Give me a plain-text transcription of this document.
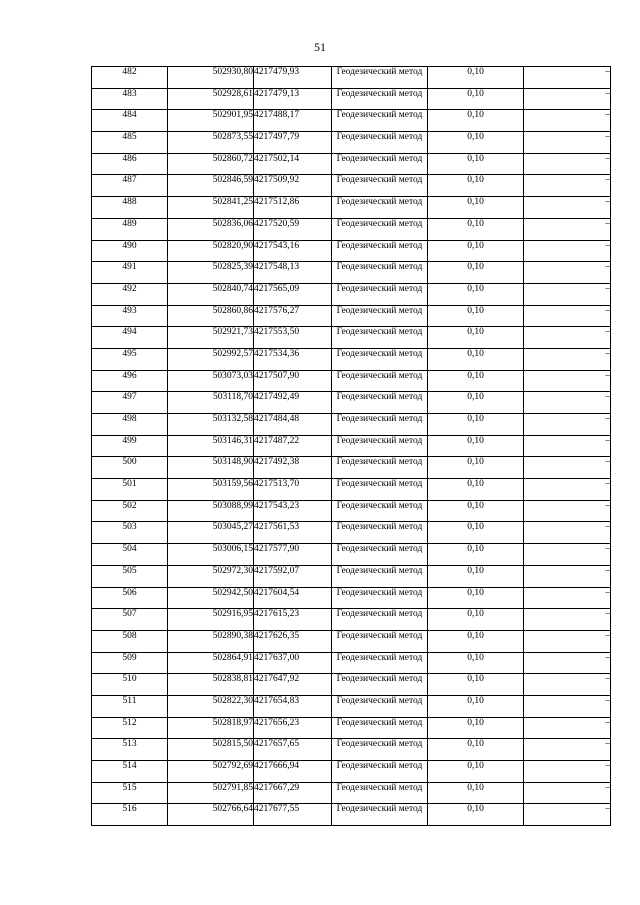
51
482	502930,80	4217479,93	Геодезический метод	0,10	–
483	502928,61	4217479,13	Геодезический метод	0,10	–
484	502901,95	4217488,17	Геодезический метод	0,10	–
485	502873,55	4217497,79	Геодезический метод	0,10	–
486	502860,72	4217502,14	Геодезический метод	0,10	–
487	502846,59	4217509,92	Геодезический метод	0,10	–
488	502841,25	4217512,86	Геодезический метод	0,10	–
489	502836,06	4217520,59	Геодезический метод	0,10	–
490	502820,90	4217543,16	Геодезический метод	0,10	–
491	502825,39	4217548,13	Геодезический метод	0,10	–
492	502840,74	4217565,09	Геодезический метод	0,10	–
493	502860,86	4217576,27	Геодезический метод	0,10	–
494	502921,73	4217553,50	Геодезический метод	0,10	–
495	502992,57	4217534,36	Геодезический метод	0,10	–
496	503073,03	4217507,90	Геодезический метод	0,10	–
497	503118,70	4217492,49	Геодезический метод	0,10	–
498	503132,58	4217484,48	Геодезический метод	0,10	–
499	503146,31	4217487,22	Геодезический метод	0,10	–
500	503148,90	4217492,38	Геодезический метод	0,10	–
501	503159,56	4217513,70	Геодезический метод	0,10	–
502	503088,99	4217543,23	Геодезический метод	0,10	–
503	503045,27	4217561,53	Геодезический метод	0,10	–
504	503006,15	4217577,90	Геодезический метод	0,10	–
505	502972,30	4217592,07	Геодезический метод	0,10	–
506	502942,50	4217604,54	Геодезический метод	0,10	–
507	502916,95	4217615,23	Геодезический метод	0,10	–
508	502890,38	4217626,35	Геодезический метод	0,10	–
509	502864,91	4217637,00	Геодезический метод	0,10	–
510	502838,81	4217647,92	Геодезический метод	0,10	–
511	502822,30	4217654,83	Геодезический метод	0,10	–
512	502818,97	4217656,23	Геодезический метод	0,10	–
513	502815,50	4217657,65	Геодезический метод	0,10	–
514	502792,69	4217666,94	Геодезический метод	0,10	–
515	502791,85	4217667,29	Геодезический метод	0,10	–
516	502766,64	4217677,55	Геодезический метод	0,10	–
